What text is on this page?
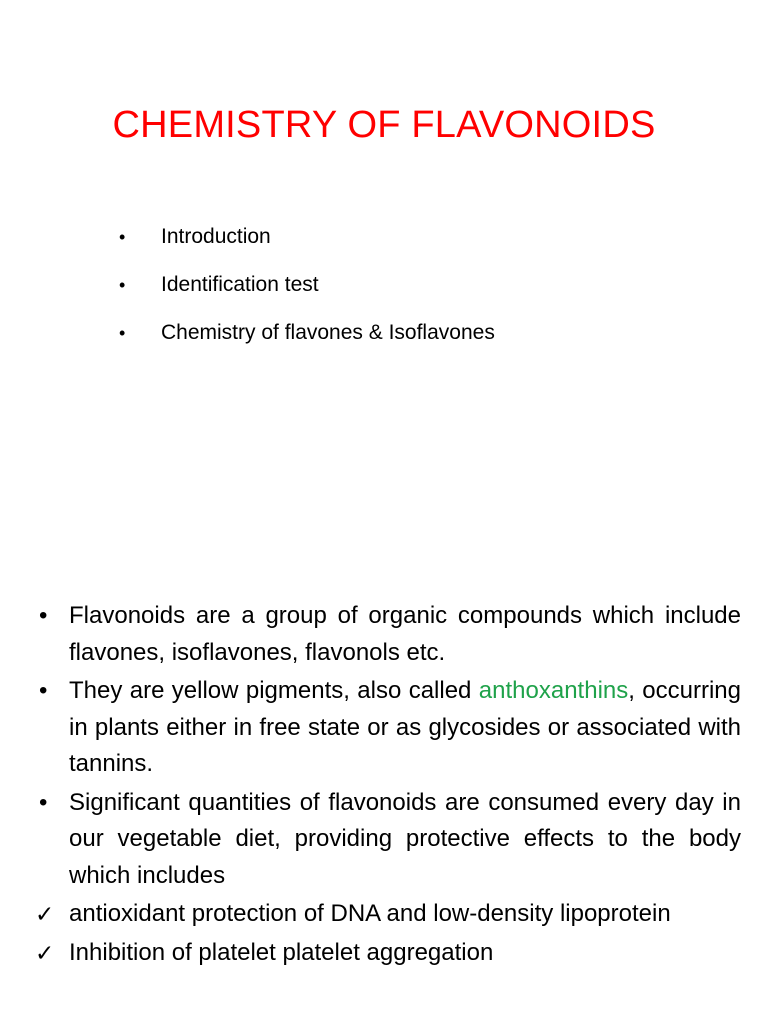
CHEMISTRY OF FLAVONOIDS
• Introduction
• Identification test
• Chemistry of flavones & Isoflavones
• Flavonoids are a group of organic compounds which include flavones, isoflavones, flavonols etc.
• They are yellow pigments, also called anthoxanthins, occurring in plants either in free state or as glycosides or associated with tannins.
• Significant quantities of flavonoids are consumed every day in our vegetable diet, providing protective effects to the body which includes
✓ antioxidant protection of DNA and low-density lipoprotein
✓ Inhibition of platelet platelet aggregation
